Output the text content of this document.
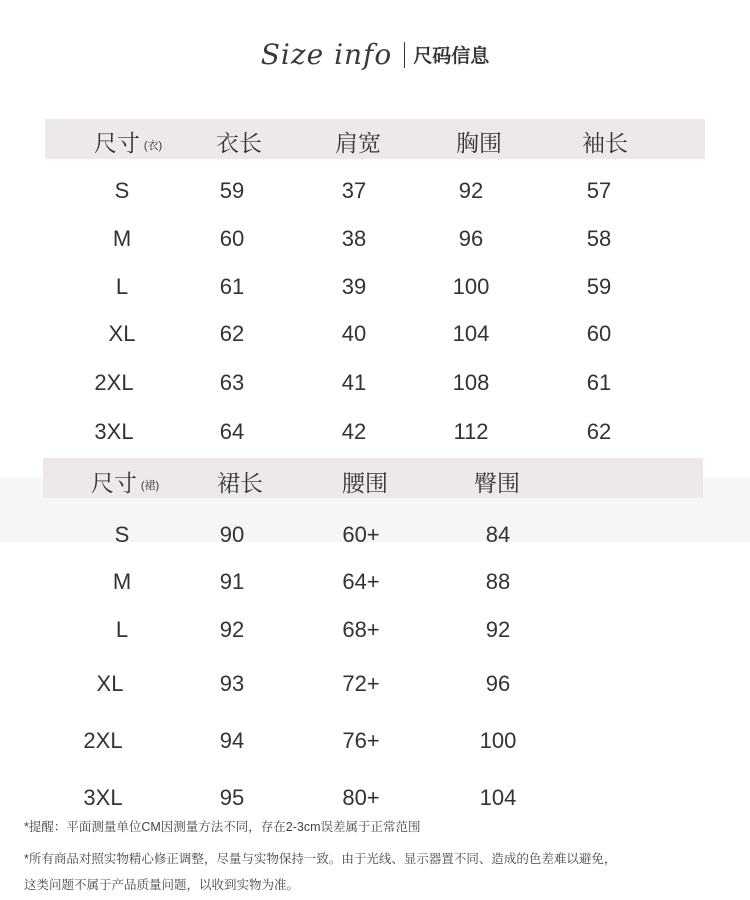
Size info 尺码信息
尺寸 (衣) 衣长	肩宽	胸围	袖长
S	59	37	92	57
M	60	38	96	58
L	61	39	100	59
XL	62	40	104	60
2XL	63	41	108	61
3XL	64	42	112	62
尺寸 (裙)	裙长	腰围	臀围
S	90	60+	84
M	91	64+	88
L	92	68+	92
XL	93	72+	96
2XL	94	76+	100
3XL	95	80+	104
*提醒：平面测量单位CM因测量方法不同，存在2-3cm误差属于正常范围
*所有商品对照实物精心修正调整，尽量与实物保持一致。由于光线、显示器置不同、造成的色差难以避免，
这类问题不属于产品质量问题，以收到实物为准。
